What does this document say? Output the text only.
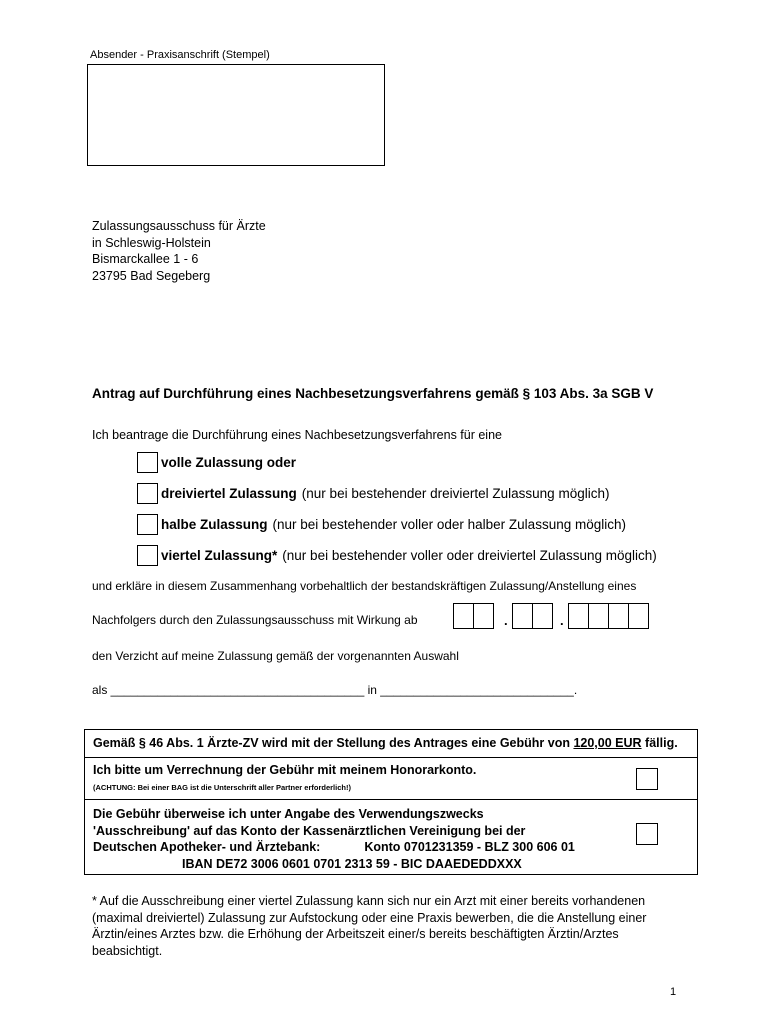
Absender - Praxisanschrift (Stempel)
Zulassungsausschuss für Ärzte
in Schleswig-Holstein
Bismarckallee 1 - 6
23795 Bad Segeberg
Antrag auf Durchführung eines Nachbesetzungsverfahrens gemäß § 103 Abs. 3a SGB V
Ich beantrage die Durchführung eines Nachbesetzungsverfahrens für eine
volle Zulassung oder
dreiviertel Zulassung (nur bei bestehender dreiviertel Zulassung möglich)
halbe Zulassung (nur bei bestehender voller oder halber Zulassung möglich)
viertel Zulassung* (nur bei bestehender voller oder dreiviertel Zulassung möglich)
und erkläre in diesem Zusammenhang vorbehaltlich der bestandskräftigen Zulassung/Anstellung eines
Nachfolgers durch den Zulassungsausschuss mit Wirkung ab	.	.
den Verzicht auf meine Zulassung gemäß der vorgenannten Auswahl
als ______________________________________ in _____________________________.
Gemäß § 46 Abs. 1 Ärzte-ZV wird mit der Stellung des Antrages eine Gebühr von 120,00 EUR fällig.
Ich bitte um Verrechnung der Gebühr mit meinem Honorarkonto.
(ACHTUNG: Bei einer BAG ist die Unterschrift aller Partner erforderlich!)
Die Gebühr überweise ich unter Angabe des Verwendungszwecks
'Ausschreibung' auf das Konto der Kassenärztlichen Vereinigung bei der
Deutschen Apotheker- und Ärztebank:	Konto 0701231359 - BLZ 300 606 01
IBAN DE72 3006 0601 0701 2313 59 - BIC DAAEDEDDXXX
* Auf die Ausschreibung einer viertel Zulassung kann sich nur ein Arzt mit einer bereits vorhandenen
(maximal dreiviertel) Zulassung zur Aufstockung oder eine Praxis bewerben, die die Anstellung einer
Ärztin/eines Arztes bzw. die Erhöhung der Arbeitszeit einer/s bereits beschäftigten Ärztin/Arztes
beabsichtigt.
1
